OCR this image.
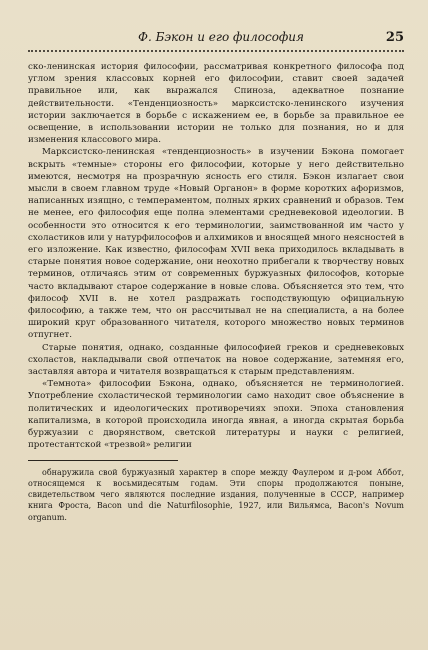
Ф. Бэкон и его философия	25

ско-ленинская история философии, рассматривая конкретного философа под углом зрения классовых корней его философии, ставит своей задачей правильное или, как выражался Спиноза, адекватное познание действительности. «Тенденциозность» марксистско-ленинского изучения истории заключается в борьбе с искажением ее, в борьбе за правильное ее освещение, в использовании истории не только для познания, но и для изменения классового мира.

Марксистско-ленинская «тенденциозность» в изучении Бэкона помогает вскрыть «темные» стороны его философии, которые у него действительно имеются, несмотря на прозрачную ясность его стиля. Бэкон излагает свои мысли в своем главном труде «Новый Органон» в форме коротких афоризмов, написанных изящно, с темпераментом, полных ярких сравнений и образов. Тем не менее, его философия еще полна элементами средневековой идеологии. В особенности это относится к его терминологии, заимствованной им часто у схоластиков или у натурфилософов и алхимиков и вносящей много неясностей в его изложение. Как известно, философам XVII века приходилось вкладывать в старые понятия новое содержание, они неохотно прибегали к творчеству новых терминов, отличаясь этим от современных буржуазных философов, которые часто вкладывают старое содержание в новые слова. Объясняется это тем, что философ XVII в. не хотел раздражать господствующую официальную философию, а также тем, что он рассчитывал не на специалиста, а на более широкий круг образованного читателя, которого множество новых терминов отпугнет.

Старые понятия, однако, созданные философией греков и средневековых схоластов, накладывали свой отпечаток на новое содержание, затемняя его, заставляя автора и читателя возвращаться к старым представлениям.

«Темнота» философии Бэкона, однако, объясняется не терминологией. Употребление схоластической терминологии само находит свое объяснение в политических и идеологических противоречиях эпохи. Эпоха становления капитализма, в которой происходила иногда явная, а иногда скрытая борьба буржуазии с дворянством, светской литературы и науки с религией, протестантской «трезвой» религии

обнаружила свой буржуазный характер в споре между Фаулером и д-ром Аббот, относящемся к восьмидесятым годам. Эти споры продолжаются поныне, свидетельством чего являются последние издания, полученные в СССР, например книга Фроста, Bacon und die Naturfilosophie, 1927, или Вильямса, Bacon's Novum organum.
